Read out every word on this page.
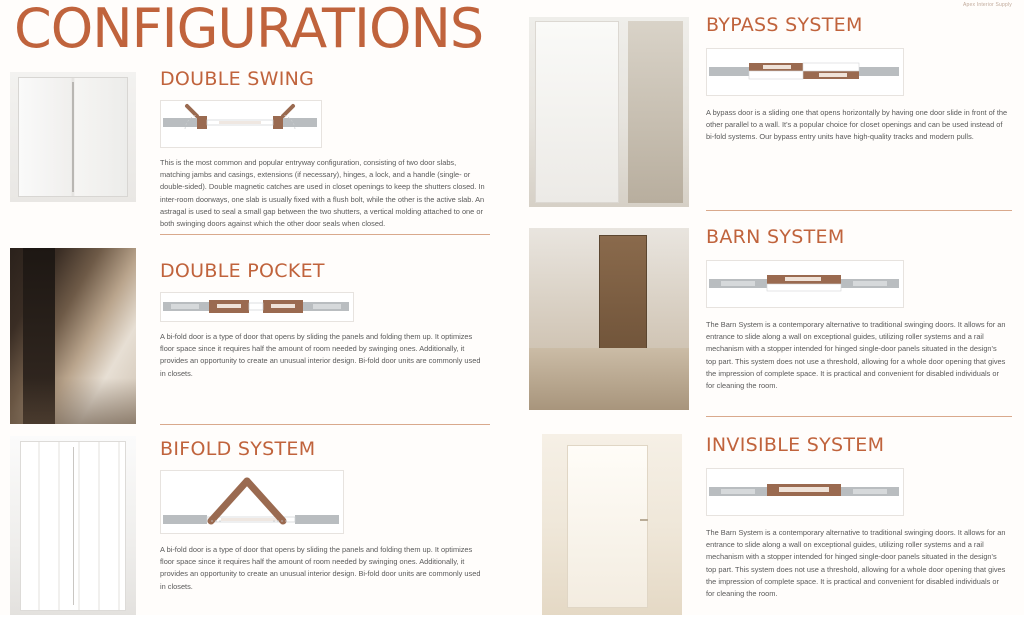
Apex Interior Supply
CONFIGURATIONS
DOUBLE SWING
This is the most common and popular entryway configuration, consisting of two door slabs, matching jambs and casings, extensions (if necessary), hinges, a lock, and a handle (single- or double-sided). Double magnetic catches are used in closet openings to keep the shutters closed. In inter-room doorways, one slab is usually fixed with a flush bolt, while the other is the active slab. An astragal is used to seal a small gap between the two shutters, a vertical molding attached to one or both swinging doors against which the other door seals when closed.
DOUBLE POCKET
A bi-fold door is a type of door that opens by sliding the panels and folding them up. It optimizes floor space since it requires half the amount of room needed by swinging ones. Additionally, it provides an opportunity to create an unusual interior design. Bi-fold door units are commonly used in closets.
BIFOLD SYSTEM
A bi-fold door is a type of door that opens by sliding the panels and folding them up. It optimizes floor space since it requires half the amount of room needed by swinging ones. Additionally, it provides an opportunity to create an unusual interior design. Bi-fold door units are commonly used in closets.
BYPASS SYSTEM
A bypass door is a sliding one that opens horizontally by having one door slide in front of the other parallel to a wall. It's a popular choice for closet openings and can be used instead of bi-fold systems. Our bypass entry units have high-quality tracks and modern pulls.
BARN SYSTEM
The Barn System is a contemporary alternative to traditional swinging doors. It allows for an entrance to slide along a wall on exceptional guides, utilizing roller systems and a rail mechanism with a stopper intended for hinged single-door panels situated in the design's top part. This system does not use a threshold, allowing for a whole door opening that gives the impression of complete space. It is practical and convenient for disabled individuals or for cleaning the room.
INVISIBLE SYSTEM
The Barn System is a contemporary alternative to traditional swinging doors. It allows for an entrance to slide along a wall on exceptional guides, utilizing roller systems and a rail mechanism with a stopper intended for hinged single-door panels situated in the design's top part. This system does not use a threshold, allowing for a whole door opening that gives the impression of complete space. It is practical and convenient for disabled individuals or for cleaning the room.
